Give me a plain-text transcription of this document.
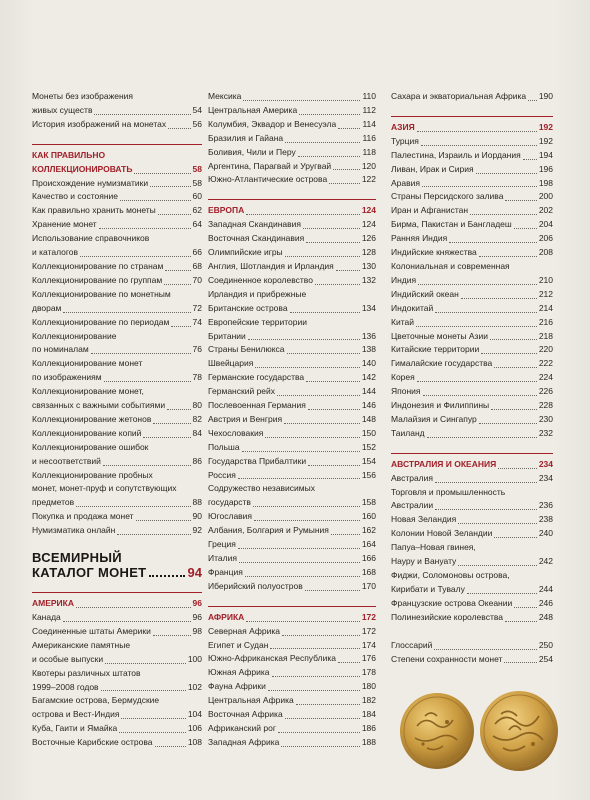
Монеты без изображения
живых существ	54
История изображений на монетах	56
КАК ПРАВИЛЬНО
КОЛЛЕКЦИОНИРОВАТЬ	58
Происхождение нумизматики	58
Качество и состояние	60
Как правильно хранить монеты	62
Хранение монет	64
Использование справочников
и каталогов	66
Коллекционирование по странам	68
Коллекционирование по группам	70
Коллекционирование по монетным
дворам	72
Коллекционирование по периодам	74
Коллекционирование
по номиналам	76
Коллекционирование монет
по изображениям	78
Коллекционирование монет,
связанных с важными событиями	80
Коллекционирование жетонов	82
Коллекционирование копий	84
Коллекционирование ошибок
и несоответствий	86
Коллекционирование пробных
монет, монет-пруф и сопутствующих
предметов	88
Покупка и продажа монет	90
Нумизматика онлайн	92
ВСЕМИРНЫЙ
КАТАЛОГ МОНЕТ	94
АМЕРИКА	96
Канада	96
Соединенные штаты Америки	98
Американские памятные
и особые выпуски	100
Квотеры различных штатов
1999–2008 годов	102
Багамские острова, Бермудские
острова и Вест-Индия	104
Куба, Гаити и Ямайка	106
Восточные Карибские острова	108
Мексика	110
Центральная Америка	112
Колумбия, Эквадор и Венесуэла	114
Бразилия и Гайана	116
Боливия, Чили и Перу	118
Аргентина, Парагвай и Уругвай	120
Южно-Атлантические острова	122
ЕВРОПА	124
Западная Скандинавия	124
Восточная Скандинавия	126
Олимпийские игры	128
Англия, Шотландия и Ирландия	130
Соединенное королевство	132
Ирландия и прибрежные
Британские острова	134
Европейские территории
Британии	136
Страны Бенилюкса	138
Швейцария	140
Германские государства	142
Германский рейх	144
Послевоенная Германия	146
Австрия и Венгрия	148
Чехословакия	150
Польша	152
Государства Прибалтики	154
Россия	156
Содружество независимых
государств	158
Югославия	160
Албания, Болгария и Румыния	162
Греция	164
Италия	166
Франция	168
Иберийский полуостров	170
АФРИКА	172
Северная Африка	172
Египет и Судан	174
Южно-Африканская Республика	176
Южная Африка	178
Фауна Африки	180
Центральная Африка	182
Восточная Африка	184
Африканский рог	186
Западная Африка	188
Сахара и экваториальная Африка 190
АЗИЯ	192
Турция	192
Палестина, Израиль и Иордания 194
Ливан, Ирак и Сирия	196
Аравия	198
Страны Персидского залива	200
Иран и Афганистан	202
Бирма, Пакистан и Бангладеш	204
Ранняя Индия	206
Индийские княжества	208
Колониальная и современная
Индия	210
Индийский океан	212
Индокитай	214
Китай	216
Цветочные монеты Азии	218
Китайские территории	220
Гималайские государства	222
Корея	224
Япония	226
Индонезия и Филиппины	228
Малайзия и Сингапур	230
Таиланд	232
АВСТРАЛИЯ И ОКЕАНИЯ	234
Австралия	234
Торговля и промышленность
Австралии	236
Новая Зеландия	238
Колонии Новой Зеландии	240
Папуа–Новая гвинея,
Науру и Вануату	242
Фиджи, Соломоновы острова,
Кирибати и Тувалу	244
Французские острова Океании	246
Полинезийские королевства	248
Глоссарий	250
Степени сохранности монет	254
